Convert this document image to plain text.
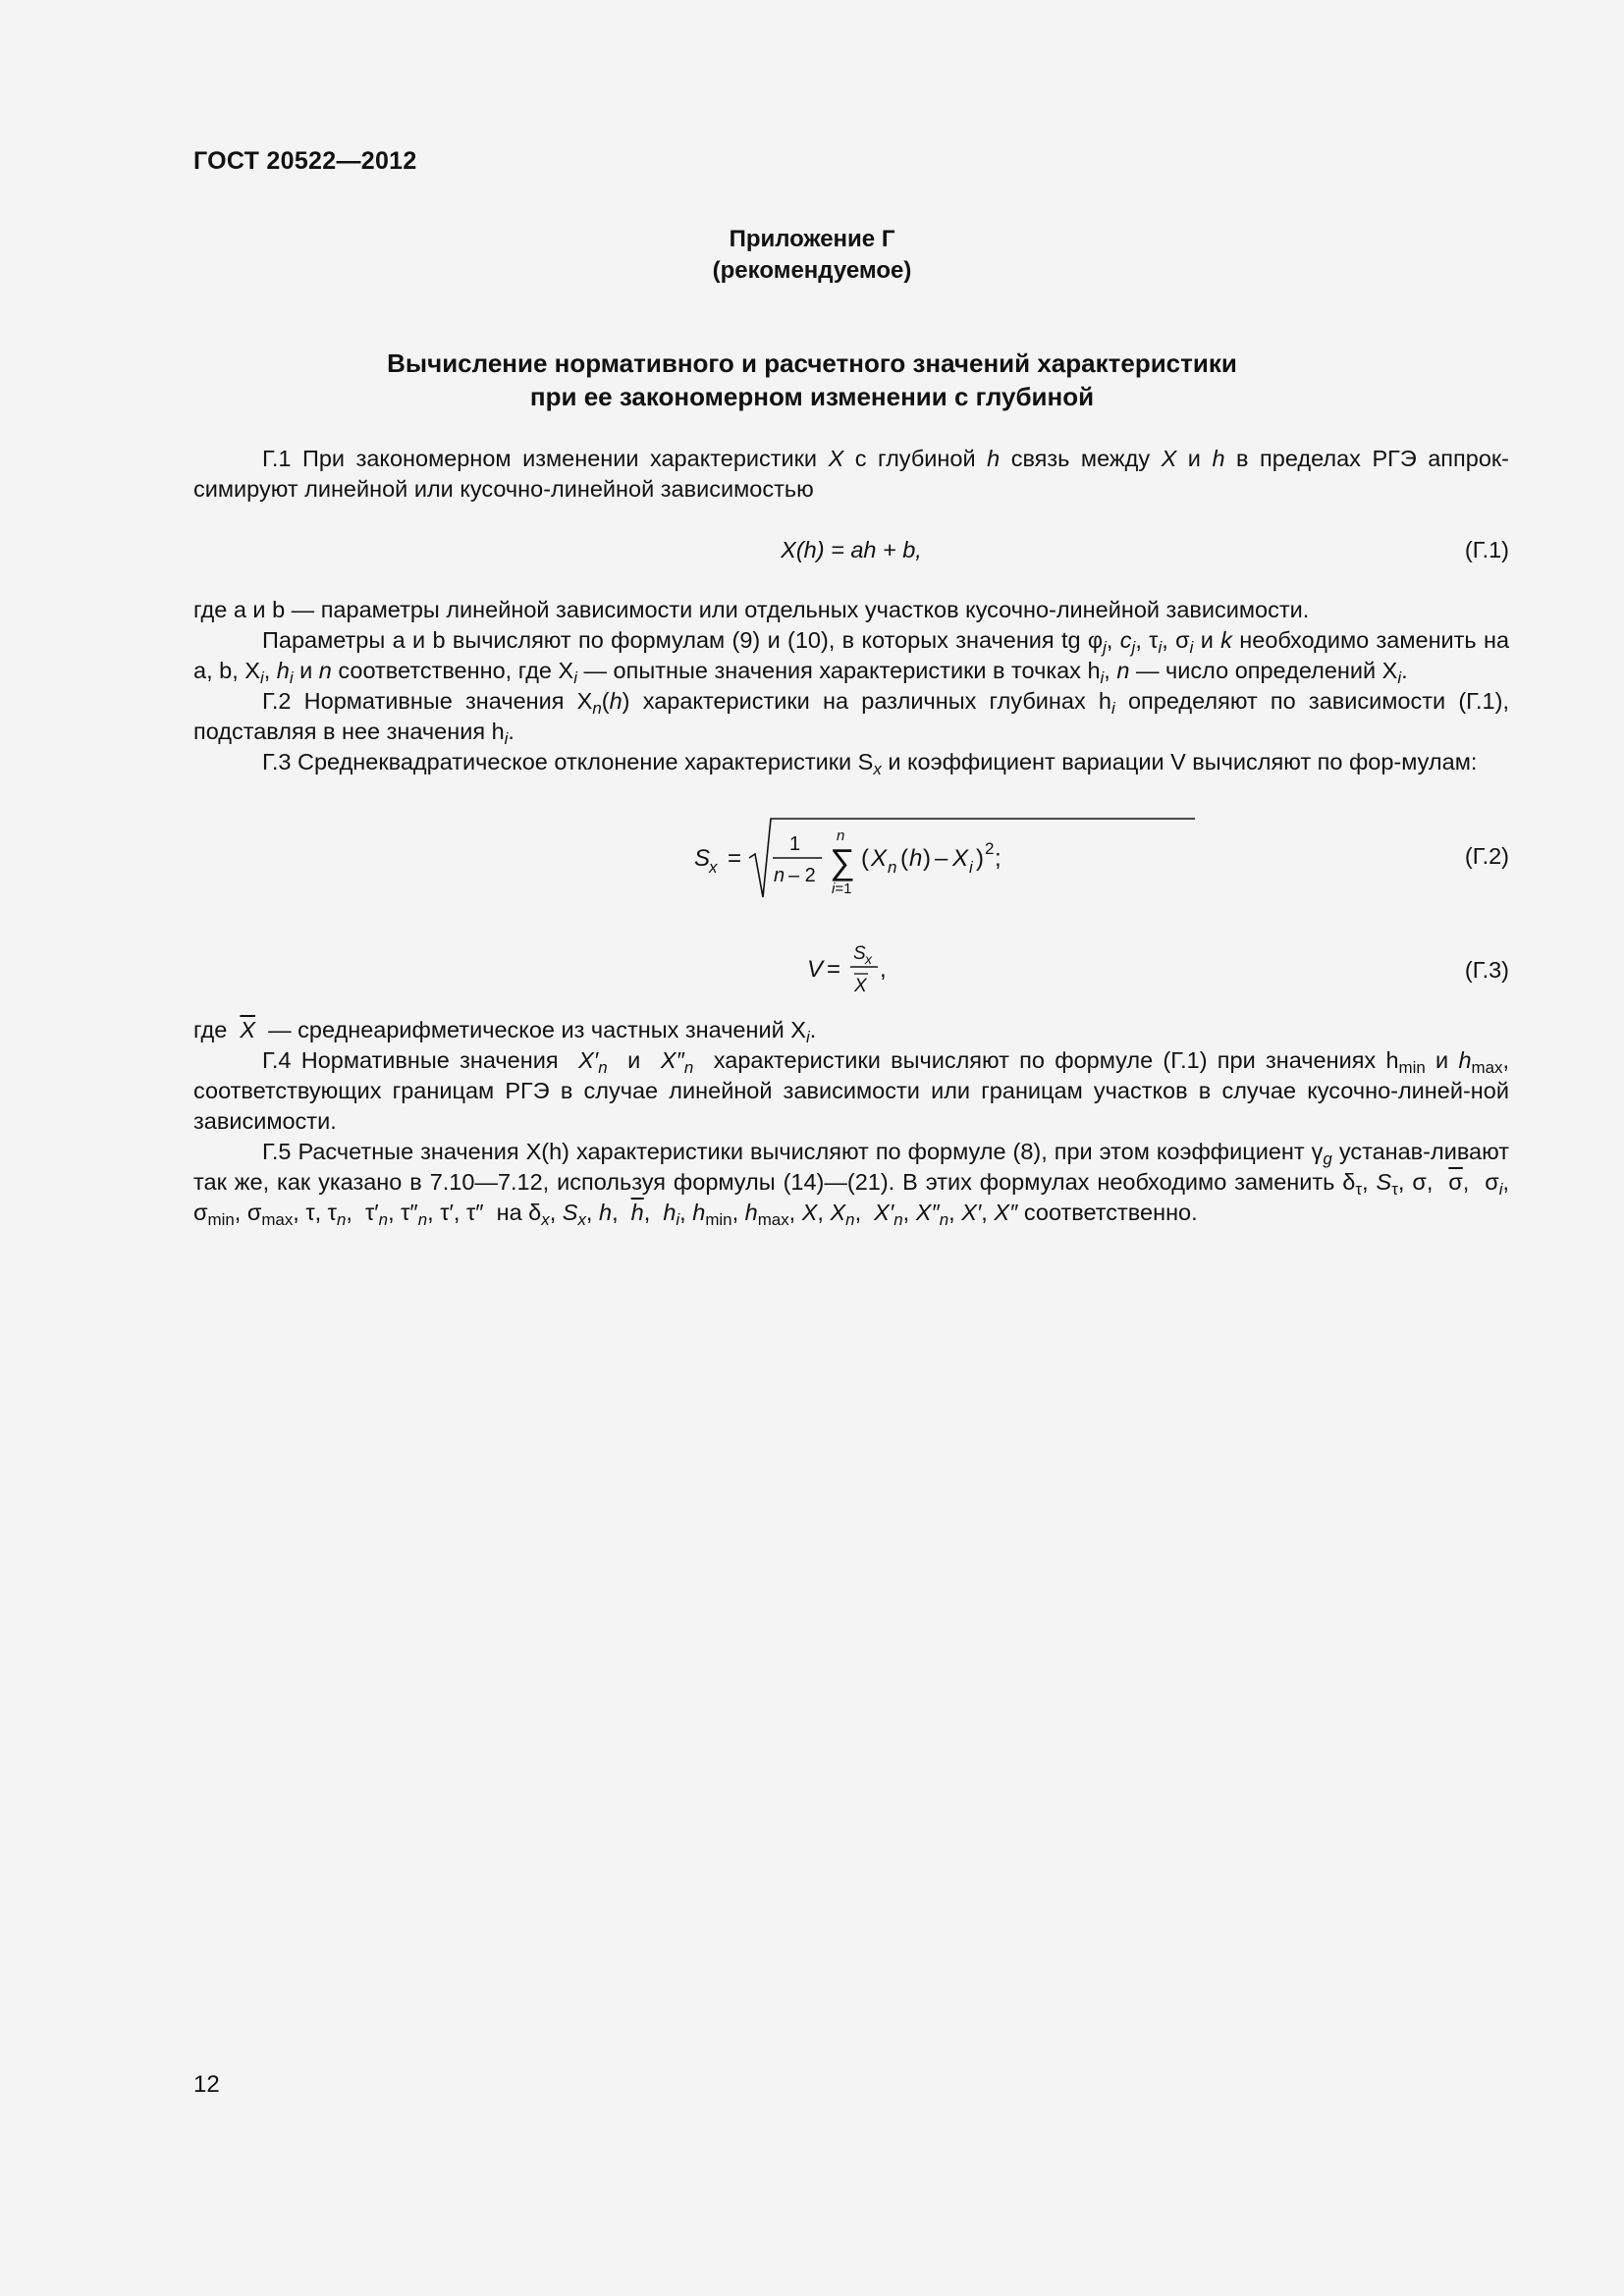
ГОСТ 20522—2012
Приложение Г
(рекомендуемое)
Вычисление нормативного и расчетного значений характеристики
при ее закономерном изменении с глубиной

Г.1 При закономерном изменении характеристики X с глубиной h связь между X и h в пределах РГЭ аппрок-симируют линейной или кусочно-линейной зависимостью

X(h) = ah + b,	(Г.1)

где a и b — параметры линейной зависимости или отдельных участков кусочно-линейной зависимости.

Параметры a и b вычисляют по формулам (9) и (10), в которых значения tg $\varphi_j$, $c_j$, $\tau_i$, $\sigma_i$ и k необходимо заменить на a, b, $X_i$, $h_i$ и n соответственно, где $X_i$ — опытные значения характеристики в точках $h_i$, n — число определений $X_i$.

Г.2 Нормативные значения $X_n(h)$ характеристики на различных глубинах $h_i$ определяют по зависимости (Г.1), подставляя в нее значения $h_i$.

Г.3 Среднеквадратическое отклонение характеристики $S_x$ и коэффициент вариации V вычисляют по фор-мулам:

S
x =
1
n – 2 ∑
n
i=1
( X n ( h ) – X i ) 2 ;	(Г.2)
V =
S x
X
,	(Г.3)

где  $\overline{X}$ — среднеарифметическое из частных значений $X_i$.

Г.4 Нормативные значения $X'_n$  и  $X''_n$ характеристики вычисляют по формуле (Г.1) при значениях $h_{min}$ и $h_{max}$, соответствующих границам РГЭ в случае линейной зависимости или границам участков в случае кусочно-линей-ной зависимости.

Г.5 Расчетные значения X(h) характеристики вычисляют по формуле (8), при этом коэффициент $\gamma_g$ устанав-ливают так же, как указано в 7.10—7.12, используя формулы (14)—(21). В этих формулах необходимо заменить $\delta_\tau$, $S_\tau$, σ,  $\overline{\sigma}$,  $\sigma_i$, $\sigma_{min}$, $\sigma_{max}$, τ, $\tau_n$,  $\tau'_n$, $\tau''_n$, τ′, τ″  на $\delta_x$, $S_x$, h,  $\overline{h}$,  $h_i$, $h_{min}$, $h_{max}$, X, $X_n$,  $X'_n$, $X''_n$, X′, X″ соответственно.

12
